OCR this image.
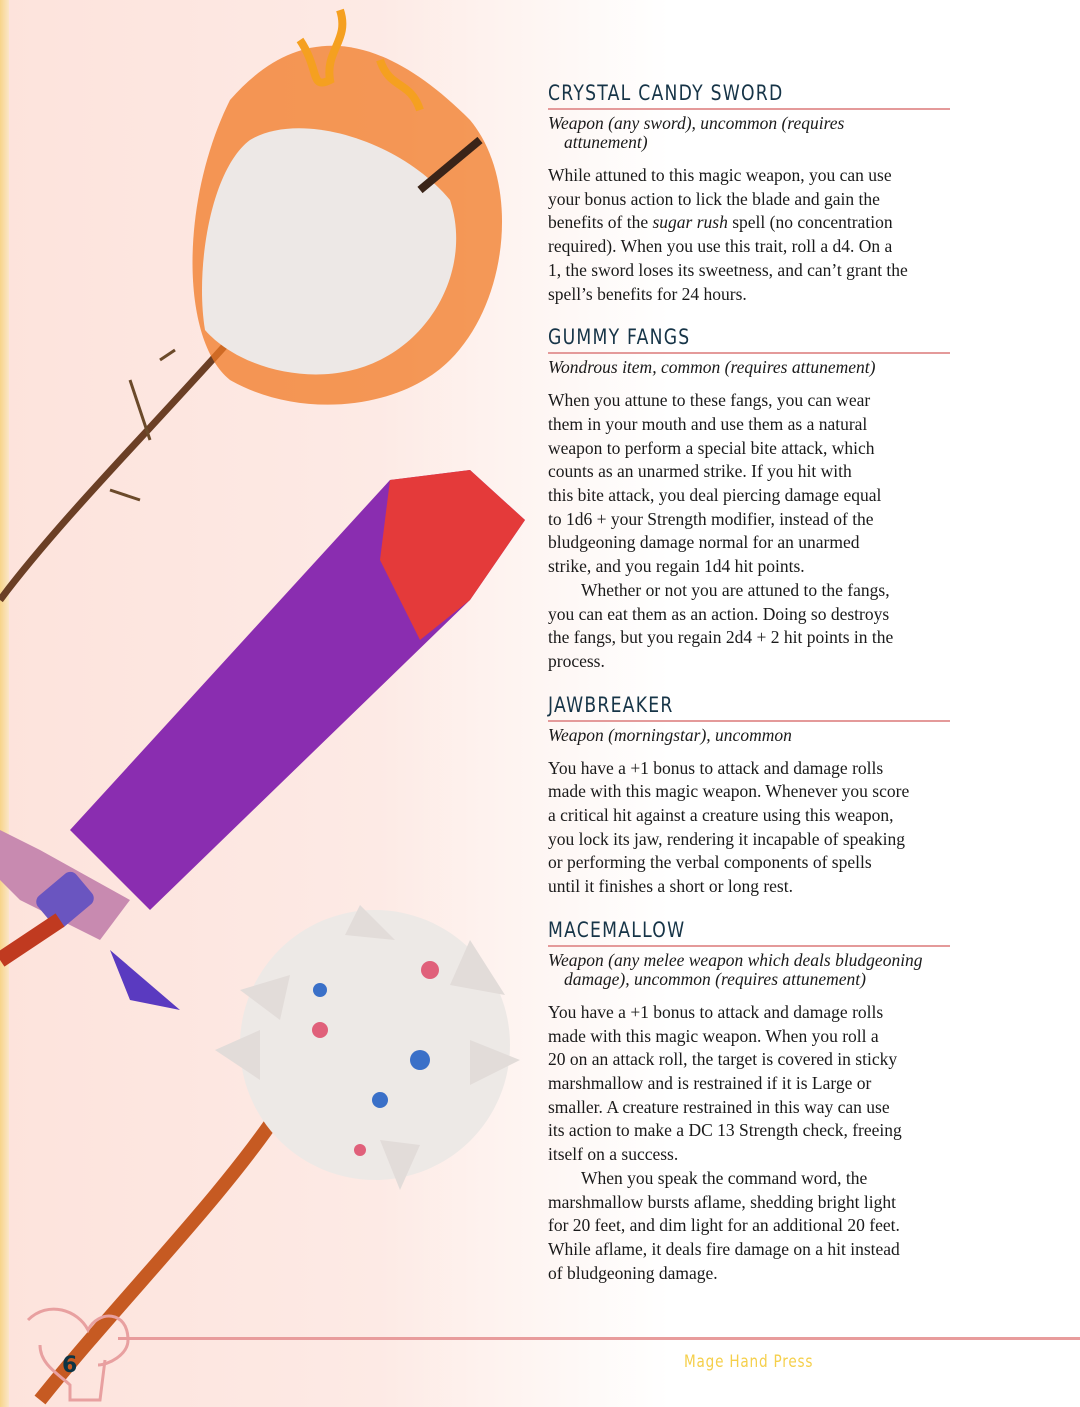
CRYSTAL CANDY SWORD
Weapon (any sword), uncommon (requires
attunement)
While attuned to this magic weapon, you can use
your bonus action to lick the blade and gain the
benefits of the sugar rush spell (no concentration
required). When you use this trait, roll a d4. On a
1, the sword loses its sweetness, and can’t grant the
spell’s benefits for 24 hours.
GUMMY FANGS
Wondrous item, common (requires attunement)
When you attune to these fangs, you can wear
them in your mouth and use them as a natural
weapon to perform a special bite attack, which
counts as an unarmed strike. If you hit with
this bite attack, you deal piercing damage equal
to 1d6 + your Strength modifier, instead of the
bludgeoning damage normal for an unarmed
strike, and you regain 1d4 hit points.
Whether or not you are attuned to the fangs,
you can eat them as an action. Doing so destroys
the fangs, but you regain 2d4 + 2 hit points in the
process.
JAWBREAKER
Weapon (morningstar), uncommon
You have a +1 bonus to attack and damage rolls
made with this magic weapon. Whenever you score
a critical hit against a creature using this weapon,
you lock its jaw, rendering it incapable of speaking
or performing the verbal components of spells
until it finishes a short or long rest.
MACEMALLOW
Weapon (any melee weapon which deals bludgeoning
damage), uncommon (requires attunement)
You have a +1 bonus to attack and damage rolls
made with this magic weapon. When you roll a
20 on an attack roll, the target is covered in sticky
marshmallow and is restrained if it is Large or
smaller. A creature restrained in this way can use
its action to make a DC 13 Strength check, freeing
itself on a success.
When you speak the command word, the
marshmallow bursts aflame, shedding bright light
for 20 feet, and dim light for an additional 20 feet.
While aflame, it deals fire damage on a hit instead
of bludgeoning damage.
6	Mage Hand Press
